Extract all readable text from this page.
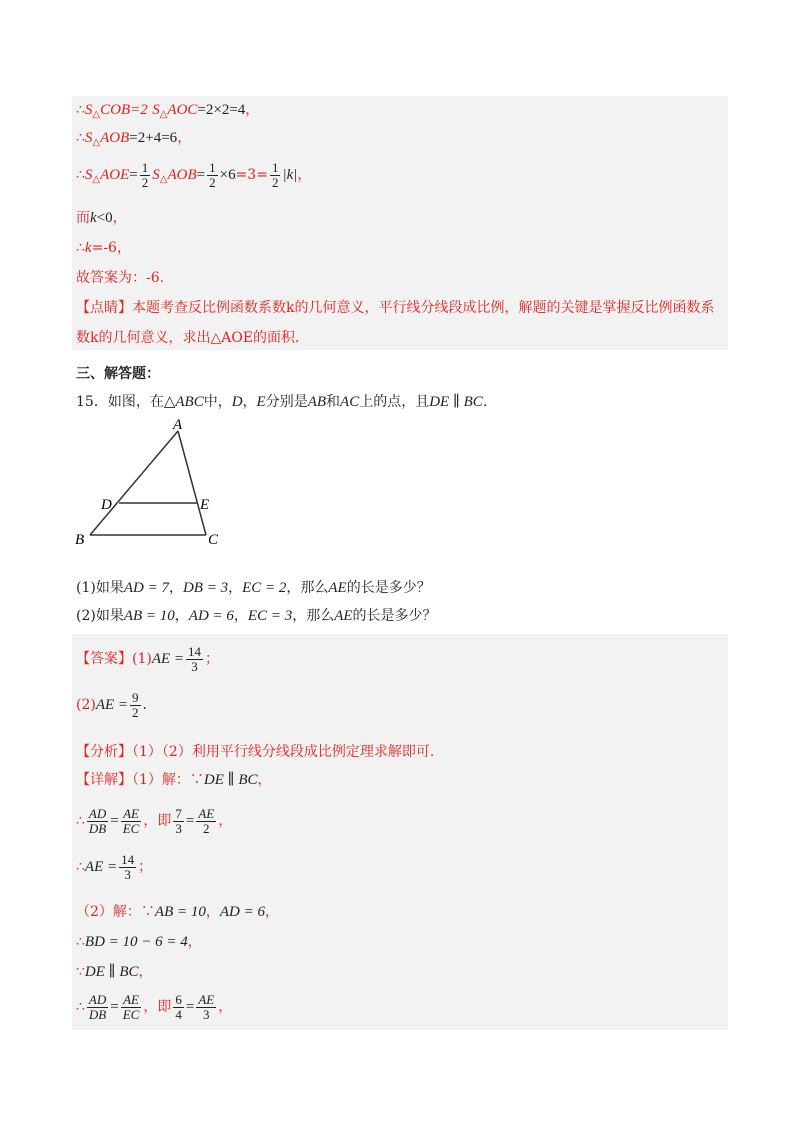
$\therefore S_\triangle COB=2$ $S_\triangle AOC=2\times 2=4$，
$\therefore S_\triangle AOB=2+4=6$，
$\therefore S_\triangle AOE= \frac{1}{2} S_\triangle AOB= \frac{1}{2} \times 6=3= \frac{1}{2} |k|$，
而k<0，
∴k=-6，
故答案为：-6.
【点睛】本题考查反比例函数系数k的几何意义，平行线分线段成比例，解题的关键是掌握反比例函数系
数k的几何意义，求出△AOE的面积.
三、解答题：
15．如图，在△ABC中，D，E分别是AB和AC上的点，且DE ∥ BC.
A
D	E
B	C
(1)如果AD = 7，DB = 3，EC = 2，那么AE的长是多少？
(2)如果AB = 10，AD = 6，EC = 3，那么AE的长是多少？
【答案】$(1)AE = \frac{14}{3}$ ；
$(2)AE = \frac{9}{2}$ .
【分析】（1）（2）利用平行线分线段成比例定理求解即可.
【详解】（1）解：∵DE ∥ BC，
∴ $\frac{AD}{DB} = \frac{AE}{EC}$ ，即 $\frac{7}{3} = \frac{AE}{2}$ ，
∴AE = $\frac{14}{3}$ ；
（2）解：∵AB = 10，AD = 6，
∴BD = 10 − 6 = 4，
∵DE ∥ BC，
∴ $\frac{AD}{DB} = \frac{AE}{EC}$ ，即 $\frac{6}{4} = \frac{AE}{3}$ ，
